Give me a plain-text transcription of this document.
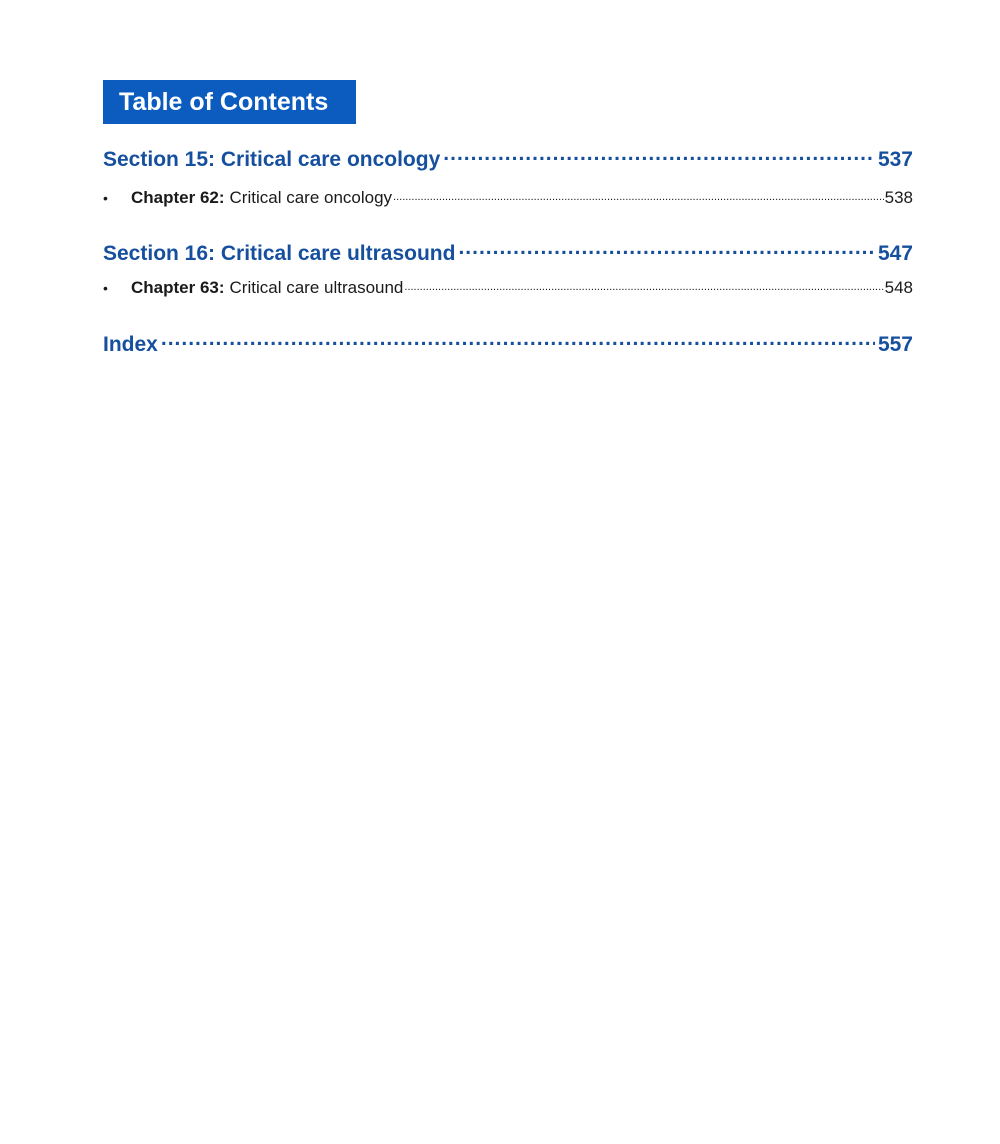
Table of Contents
Section 15: Critical care oncology .....	537
•	Chapter 62: Critical care oncology .....	538
Section 16: Critical care ultrasound .....	547
•	Chapter 63: Critical care ultrasound .....	548
Index .....	557
